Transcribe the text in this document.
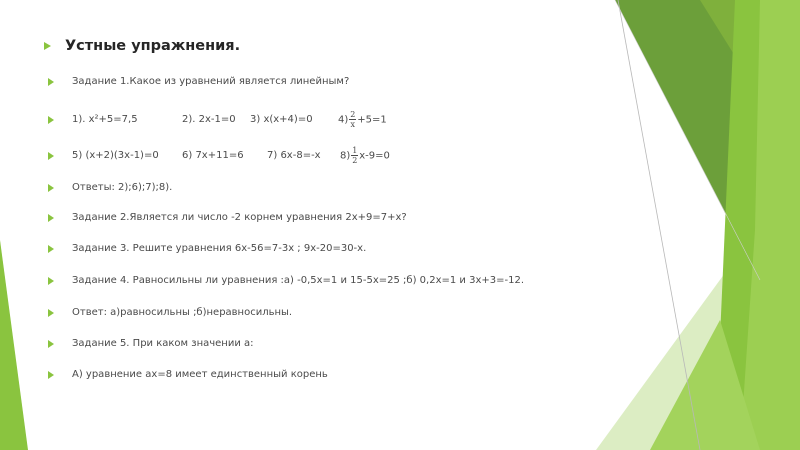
Устные упражнения.
Задание 1.Какое из уравнений является линейным?
1). х²+5=7,5	2). 2х-1=0	3) х(х+4)=0	$4) \frac{2}{х} +5=1$
5) (х+2)(3х-1)=0	6) 7х+11=6	7) 6х-8=-х	$8) \frac{1}{2} х-9=0$
Ответы: 2);6);7);8).
Задание 2.Является ли число -2 корнем уравнения 2х+9=7+х?
Задание 3. Решите уравнения 6х-56=7-3х ; 9х-20=30-х.
Задание 4. Равносильны ли уравнения :а) -0,5х=1 и 15-5х=25 ;б) 0,2х=1 и 3х+3=-12.
Ответ: а)равносильны ;б)неравносильны.
Задание 5. При каком значении а:
А) уравнение ах=8 имеет единственный корень
